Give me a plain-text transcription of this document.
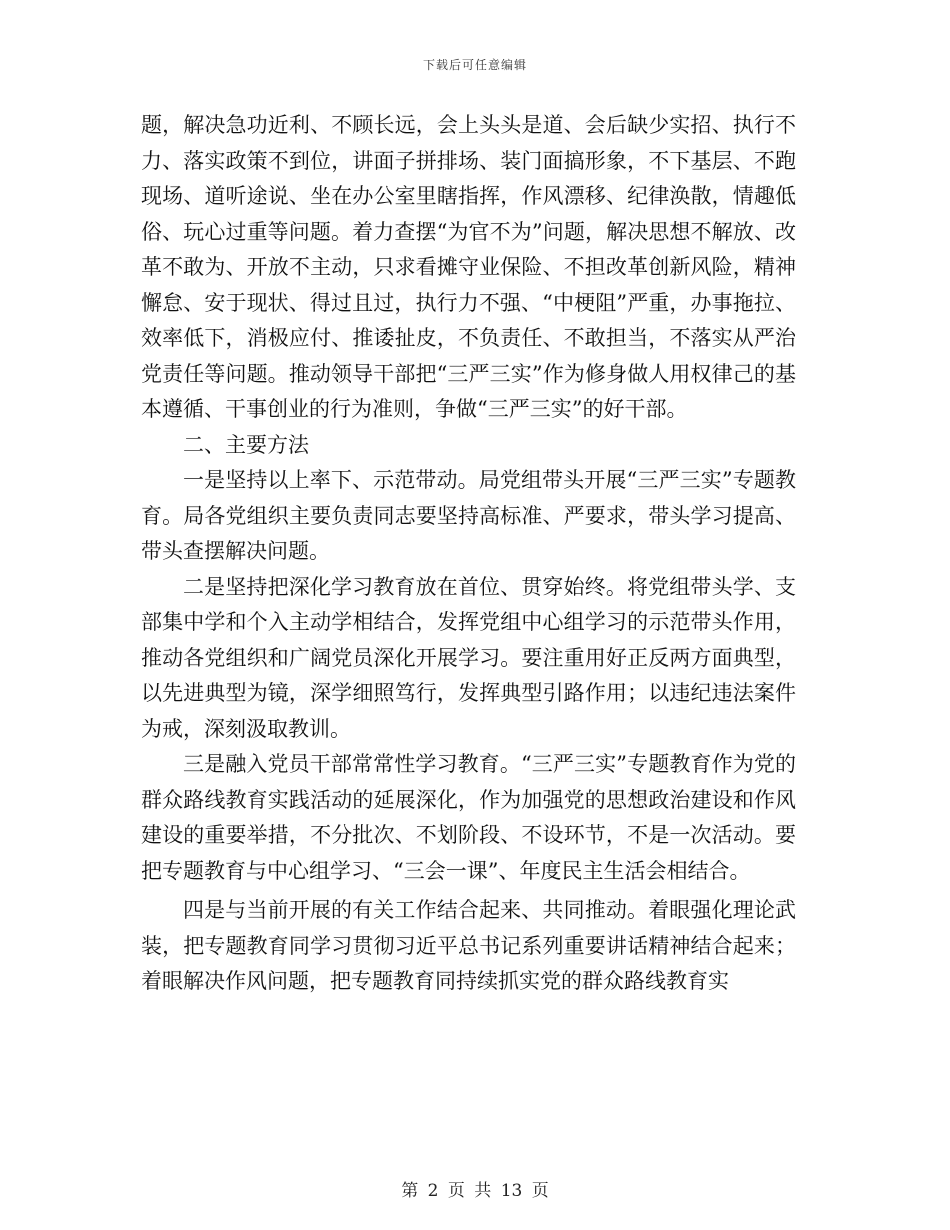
下载后可任意编辑

题，解决急功近利、不顾长远，会上头头是道、会后缺少实招、执行不力、落实政策不到位，讲面子拼排场、装门面搞形象，不下基层、不跑现场、道听途说、坐在办公室里瞎指挥，作风漂移、纪律涣散，情趣低俗、玩心过重等问题。着力查摆“为官不为”问题，解决思想不解放、改革不敢为、开放不主动，只求看摊守业保险、不担改革创新风险，精神懈怠、安于现状、得过且过，执行力不强、“中梗阻”严重，办事拖拉、效率低下，消极应付、推诿扯皮，不负责任、不敢担当，不落实从严治党责任等问题。推动领导干部把“三严三实”作为修身做人用权律己的基本遵循、干事创业的行为准则，争做“三严三实”的好干部。

二、主要方法

一是坚持以上率下、示范带动。局党组带头开展“三严三实”专题教育。局各党组织主要负责同志要坚持高标准、严要求，带头学习提高、带头查摆解决问题。

二是坚持把深化学习教育放在首位、贯穿始终。将党组带头学、支部集中学和个入主动学相结合，发挥党组中心组学习的示范带头作用，推动各党组织和广阔党员深化开展学习。要注重用好正反两方面典型，以先进典型为镜，深学细照笃行，发挥典型引路作用；以违纪违法案件为戒，深刻汲取教训。

三是融入党员干部常常性学习教育。“三严三实”专题教育作为党的群众路线教育实践活动的延展深化，作为加强党的思想政治建设和作风建设的重要举措，不分批次、不划阶段、不设环节，不是一次活动。要把专题教育与中心组学习、“三会一课”、年度民主生活会相结合。

四是与当前开展的有关工作结合起来、共同推动。着眼强化理论武装，把专题教育同学习贯彻习近平总书记系列重要讲话精神结合起来；着眼解决作风问题，把专题教育同持续抓实党的群众路线教育实

第 2 页 共 13 页
